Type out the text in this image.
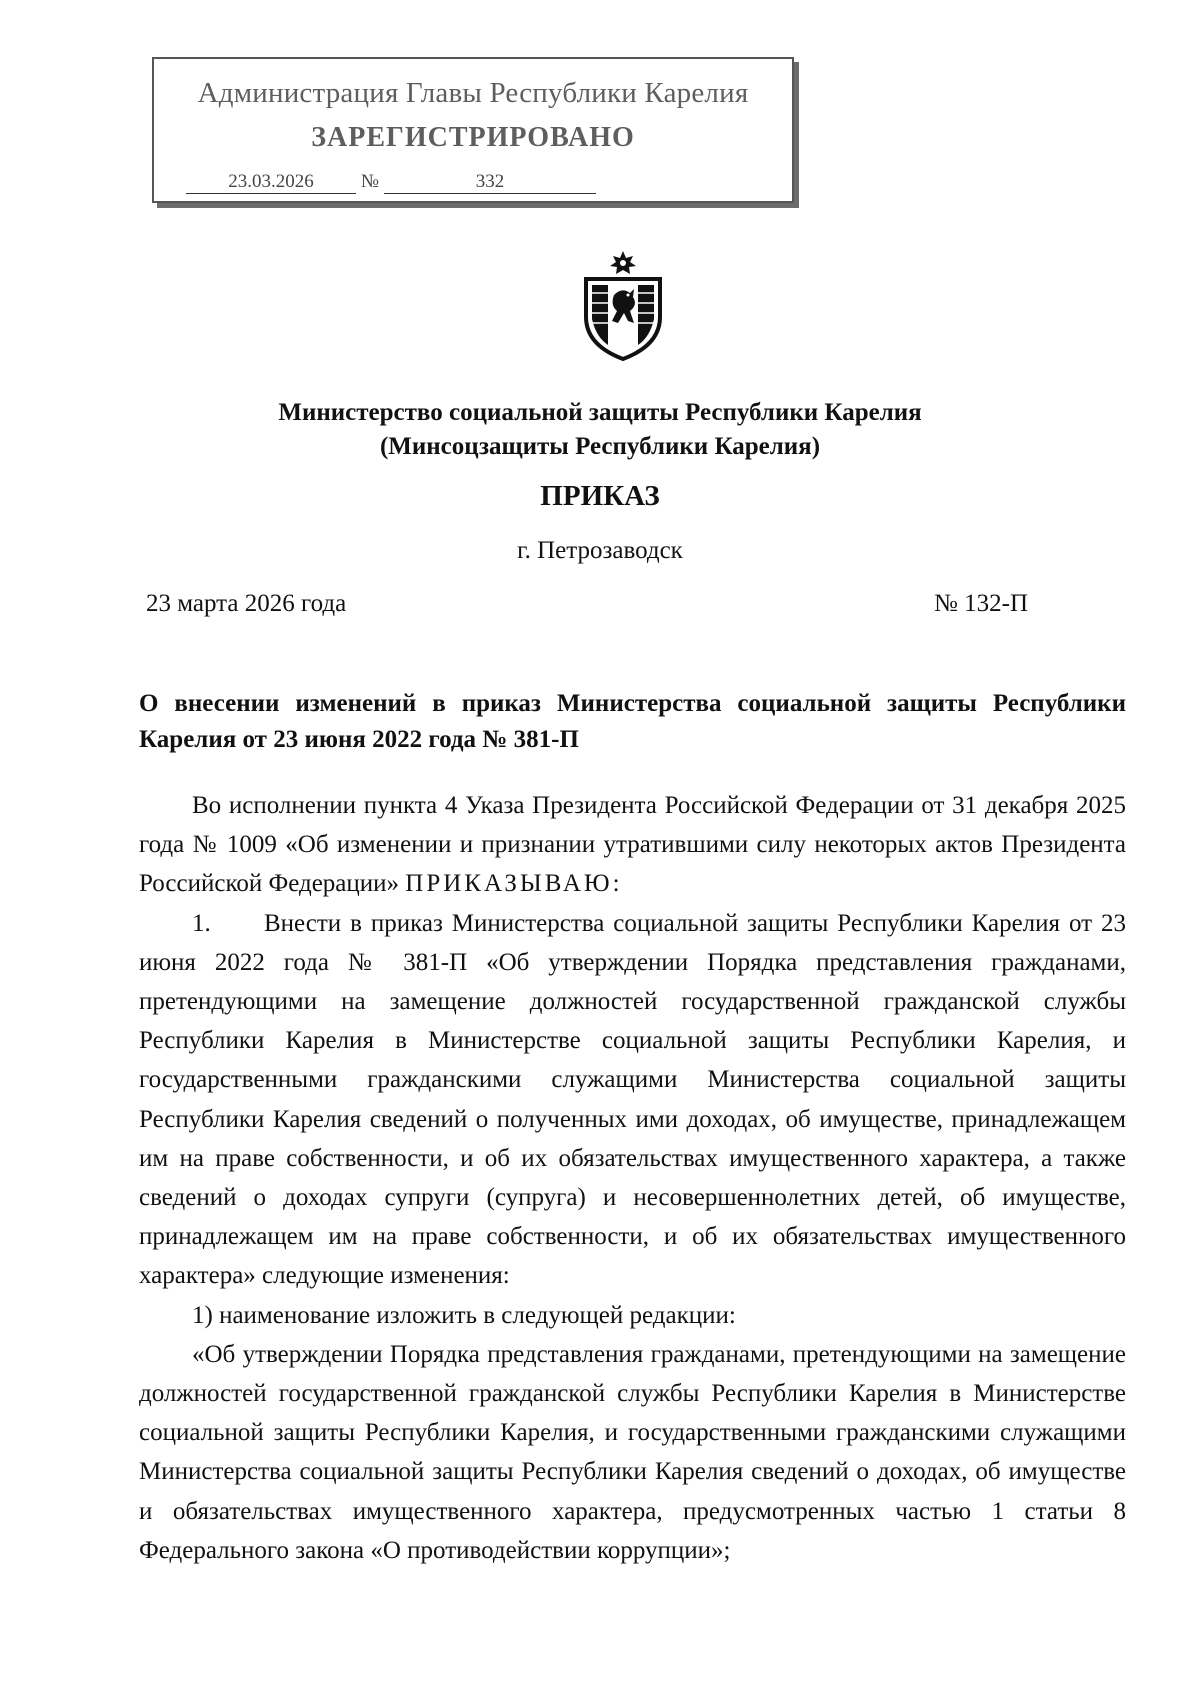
Администрация Главы Республики Карелия
ЗАРЕГИСТРИРОВАНО
23.03.2026 №	332
Министерство социальной защиты Республики Карелия
(Минсоцзащиты Республики Карелия)
ПРИКАЗ
г. Петрозаводск
23 марта 2026 года	№ 132-П

О внесении изменений в приказ Министерства социальной защиты Республики Карелия от 23 июня 2022 года № 381-П

Во исполнении пункта 4 Указа Президента Российской Федерации от 31 декабря 2025 года № 1009 «Об изменении и признании утратившими силу некоторых актов Президента Российской Федерации» ПРИКАЗЫВАЮ:

1. Внести в приказ Министерства социальной защиты Республики Карелия от 23 июня 2022 года № 381-П «Об утверждении Порядка представления гражданами, претендующими на замещение должностей государственной гражданской службы Республики Карелия в Министерстве социальной защиты Республики Карелия, и государственными гражданскими служащими Министерства социальной защиты Республики Карелия сведений о полученных ими доходах, об имуществе, принадлежащем им на праве собственности, и об их обязательствах имущественного характера, а также сведений о доходах супруги (супруга) и несовершеннолетних детей, об имуществе, принадлежащем им на праве собственности, и об их обязательствах имущественного характера» следующие изменения:

1) наименование изложить в следующей редакции:

«Об утверждении Порядка представления гражданами, претендующими на замещение должностей государственной гражданской службы Республики Карелия в Министерстве социальной защиты Республики Карелия, и государственными гражданскими служащими Министерства социальной защиты Республики Карелия сведений о доходах, об имуществе и обязательствах имущественного характера, предусмотренных частью 1 статьи 8 Федерального закона «О противодействии коррупции»;
